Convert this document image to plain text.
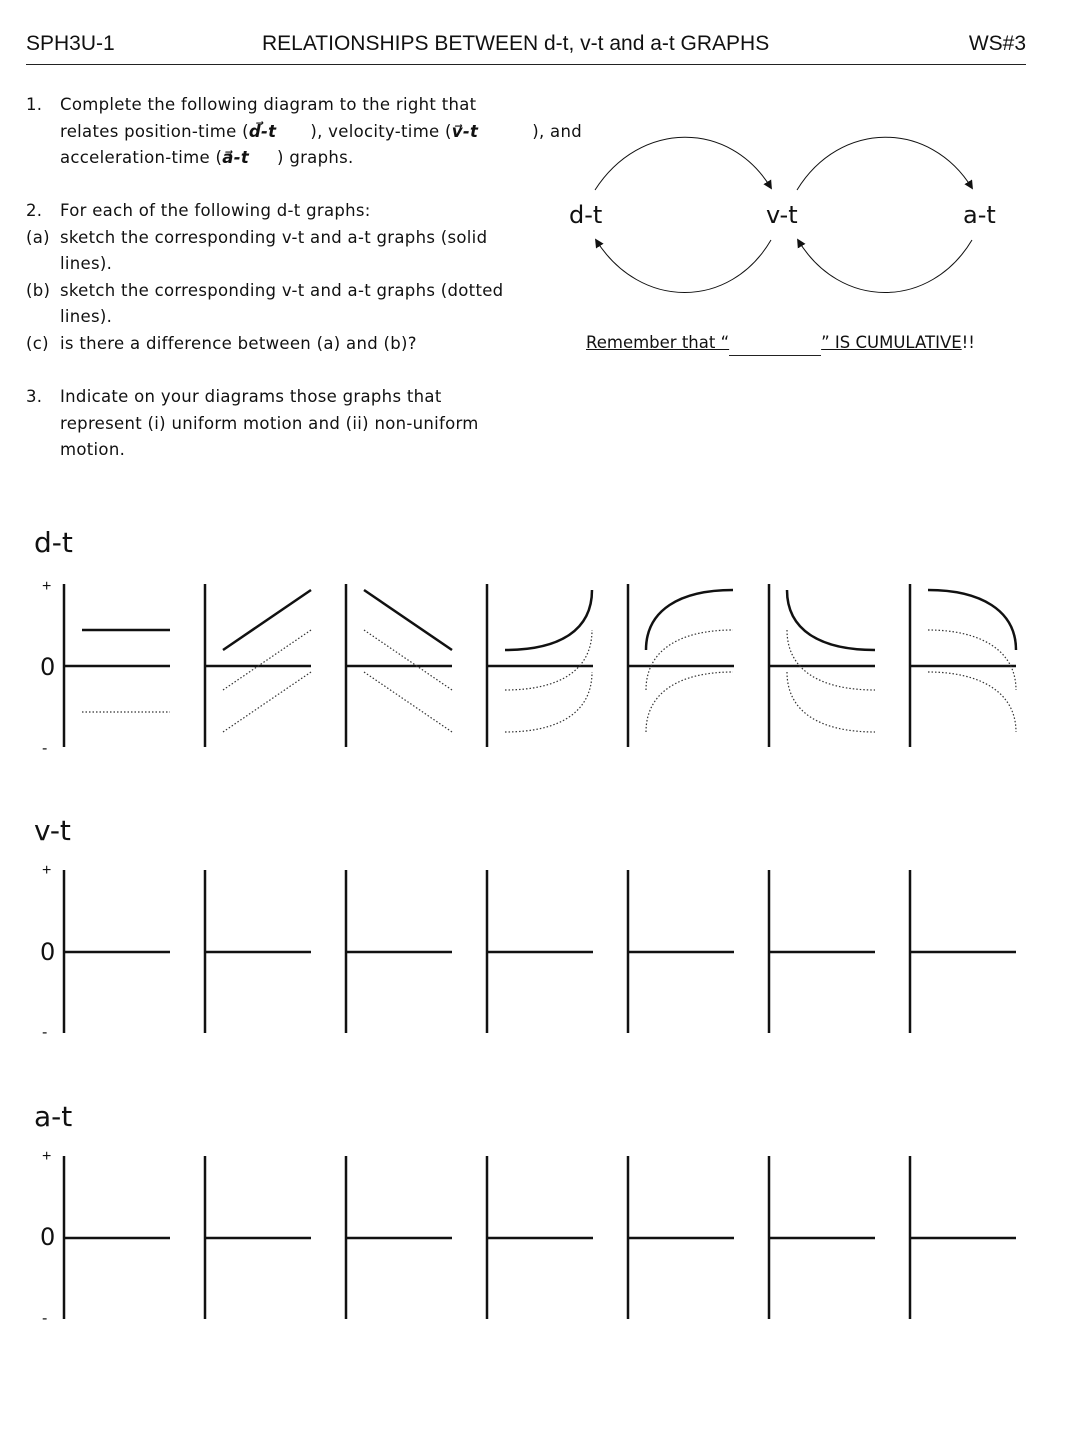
SPH3U-1	RELATIONSHIPS BETWEEN d-t, v-t and a-t GRAPHS	WS#3
1. Complete the following diagram to the right that
relates position-time (d⃗-t ), velocity-time (v⃗-t	), and
acceleration-time (a⃗-t ) graphs.
2. For each of the following d-t graphs:
(a) sketch the corresponding v-t and a-t graphs (solid
lines).
(b) sketch the corresponding v-t and a-t graphs (dotted
lines).
(c) is there a difference between (a) and (b)?
3. Indicate on your diagrams those graphs that
represent (i) uniform motion and (ii) non-uniform
motion.
d-t	v-t	a-t
Remember that “	” IS CUMULATIVE!!
d-t
+
0
-
v-t
+
0
-
a-t
+
0
-
